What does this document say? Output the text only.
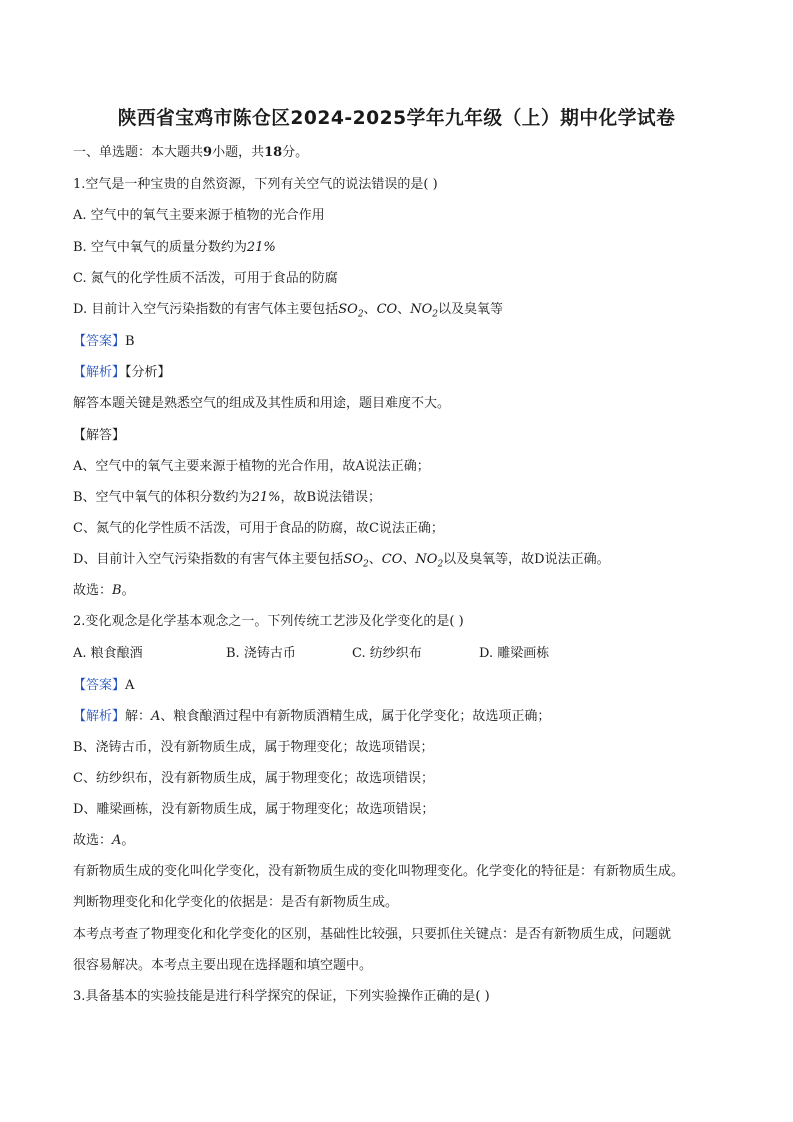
陕西省宝鸡市陈仓区2024-2025学年九年级（上）期中化学试卷
一、单选题：本大题共9小题，共18分。
1.空气是一种宝贵的自然资源，下列有关空气的说法错误的是( )
A. 空气中的氧气主要来源于植物的光合作用
B. 空气中氧气的质量分数约为21%
C. 氮气的化学性质不活泼，可用于食品的防腐
D. 目前计入空气污染指数的有害气体主要包括$SO_2$、CO、$NO_2$以及臭氧等
【答案】B
【解析】【分析】
解答本题关键是熟悉空气的组成及其性质和用途，题目难度不大。
【解答】
A、空气中的氧气主要来源于植物的光合作用，故A说法正确；
B、空气中氧气的体积分数约为21%，故B说法错误；
C、氮气的化学性质不活泼，可用于食品的防腐，故C说法正确；
D、目前计入空气污染指数的有害气体主要包括$SO_2$、CO、$NO_2$以及臭氧等，故D说法正确。
故选：B。
2.变化观念是化学基本观念之一。下列传统工艺涉及化学变化的是( )
A. 粮食酿酒	B. 浇铸古币	C. 纺纱织布	D. 雕梁画栋
【答案】A
【解析】解：A、粮食酿酒过程中有新物质酒精生成，属于化学变化；故选项正确；
B、浇铸古币，没有新物质生成，属于物理变化；故选项错误；
C、纺纱织布，没有新物质生成，属于物理变化；故选项错误；
D、雕梁画栋，没有新物质生成，属于物理变化；故选项错误；
故选：A。
有新物质生成的变化叫化学变化，没有新物质生成的变化叫物理变化。化学变化的特征是：有新物质生成。
判断物理变化和化学变化的依据是：是否有新物质生成。
本考点考查了物理变化和化学变化的区别，基础性比较强，只要抓住关键点：是否有新物质生成，问题就
很容易解决。本考点主要出现在选择题和填空题中。
3.具备基本的实验技能是进行科学探究的保证，下列实验操作正确的是( )
